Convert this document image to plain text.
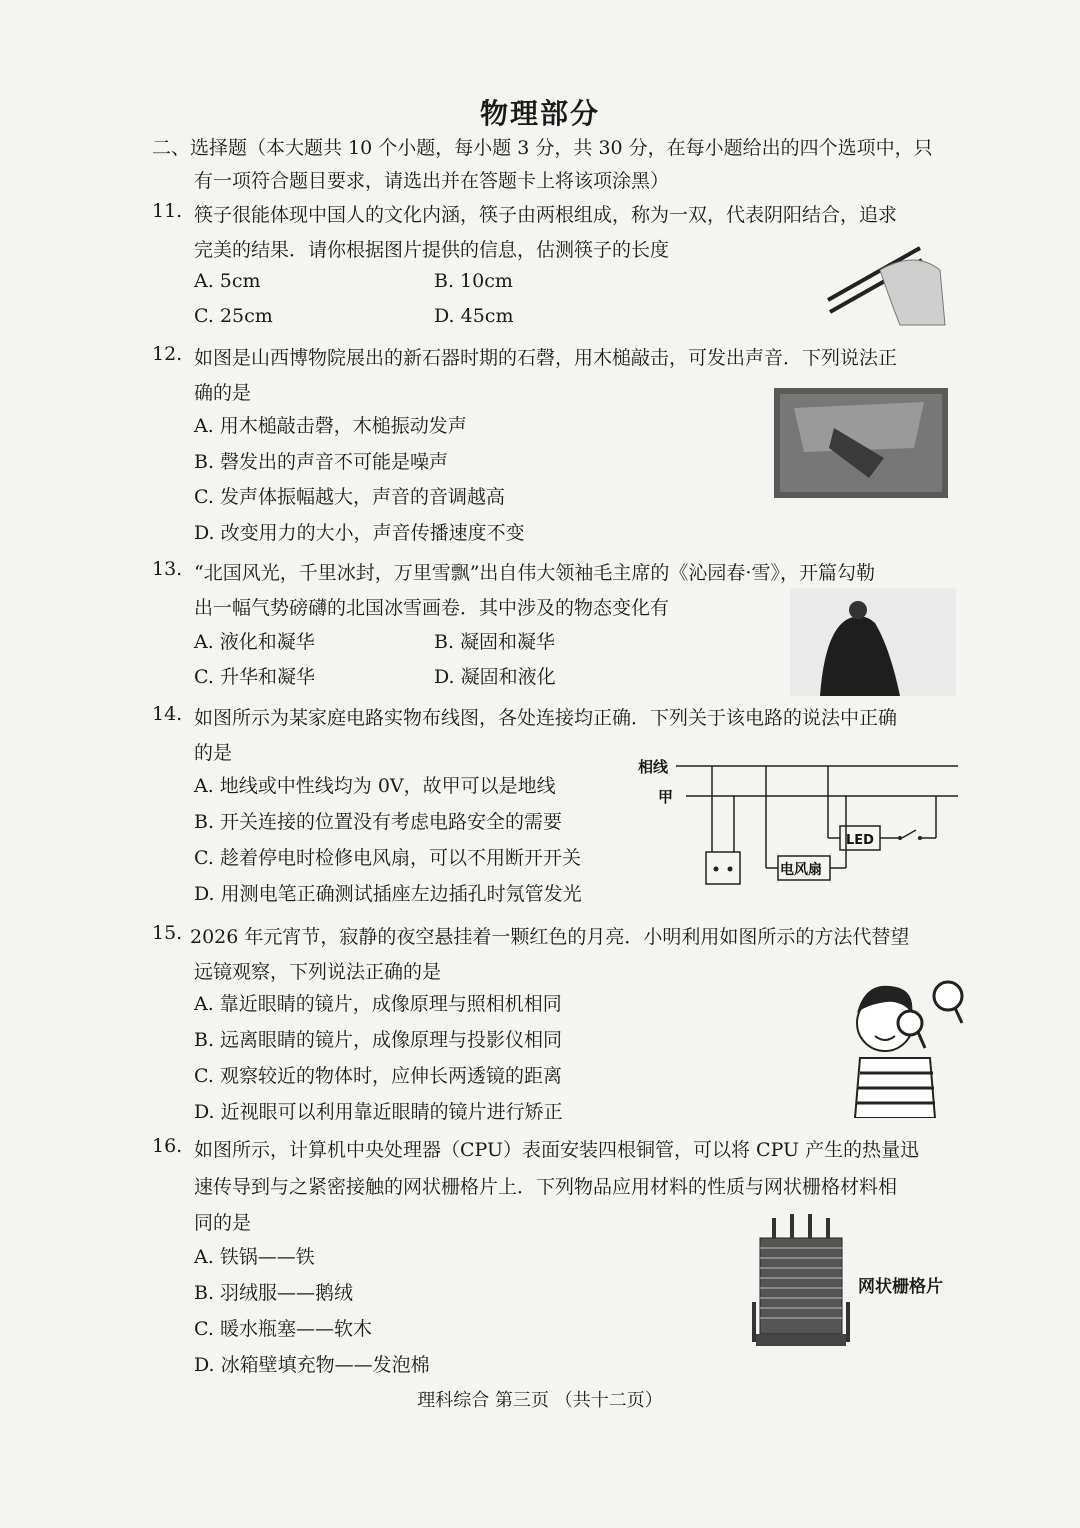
物理部分
二、选择题（本大题共 10 个小题，每小题 3 分，共 30 分，在每小题给出的四个选项中，只
有一项符合题目要求，请选出并在答题卡上将该项涂黑）
11. 筷子很能体现中国人的文化内涵，筷子由两根组成，称为一双，代表阴阳结合，追求
完美的结果．请你根据图片提供的信息，估测筷子的长度
A. 5cm	B. 10cm
C. 25cm	D. 45cm
12. 如图是山西博物院展出的新石器时期的石磬，用木槌敲击，可发出声音．下列说法正
确的是
A. 用木槌敲击磬，木槌振动发声
B. 磬发出的声音不可能是噪声
C. 发声体振幅越大，声音的音调越高
D. 改变用力的大小，声音传播速度不变
13. “北国风光，千里冰封，万里雪飘”出自伟大领袖毛主席的《沁园春·雪》，开篇勾勒
出一幅气势磅礴的北国冰雪画卷．其中涉及的物态变化有
A. 液化和凝华	B. 凝固和凝华
C. 升华和凝华	D. 凝固和液化
14. 如图所示为某家庭电路实物布线图，各处连接均正确．下列关于该电路的说法中正确
的是
A. 地线或中性线均为 0V，故甲可以是地线
B. 开关连接的位置没有考虑电路安全的需要
C. 趁着停电时检修电风扇，可以不用断开开关
D. 用测电笔正确测试插座左边插孔时氖管发光
相线
甲
电风扇
LED
15. 2026 年元宵节，寂静的夜空悬挂着一颗红色的月亮．小明利用如图所示的方法代替望
远镜观察，下列说法正确的是
A. 靠近眼睛的镜片，成像原理与照相机相同
B. 远离眼睛的镜片，成像原理与投影仪相同
C. 观察较近的物体时，应伸长两透镜的距离
D. 近视眼可以利用靠近眼睛的镜片进行矫正
16. 如图所示，计算机中央处理器（CPU）表面安装四根铜管，可以将 CPU 产生的热量迅
速传导到与之紧密接触的网状栅格片上．下列物品应用材料的性质与网状栅格材料相
同的是
A. 铁锅——铁
B. 羽绒服——鹅绒
C. 暖水瓶塞——软木
D. 冰箱壁填充物——发泡棉
网状栅格片
理科综合 第三页 （共十二页）
